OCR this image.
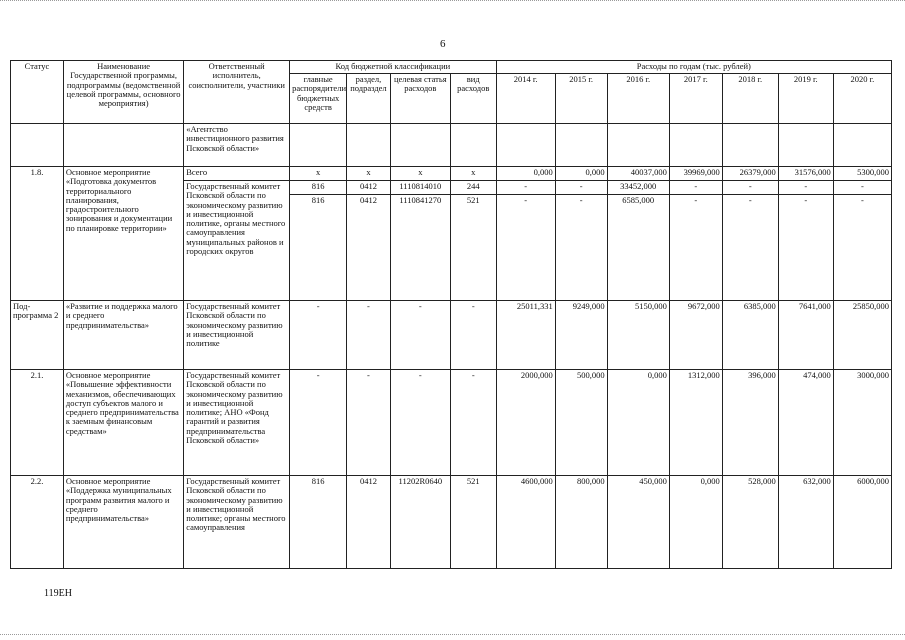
6
Статус	Наименование Государственной программы, подпрограммы (ведомственной целевой программы, основного мероприятия)	Ответственный исполнитель, соисполнители, участники	Код бюджетной классификации				Расходы по годам (тыс. рублей)						
			главные распорядители бюджетных средств	раздел, подраздел	целевая статья расходов	вид расходов	2014 г.	2015 г.	2016 г.	2017 г.	2018 г.	2019 г.	2020 г.
		«Агентство инвестиционного развития Псковской области»											
1.8.	Основное мероприятие «Подготовка документов территориального планирования, градостроительного зонирования и документации по планировке территории»	Всего	x	x	x	x	0,000	0,000	40037,000	39969,000	26379,000	31576,000	5300,000
		Государственный комитет Псковской области по экономическому развитию и инвестиционной политике, органы местного самоуправления муниципальных районов и городских округов	816	0412	1110814010	244	-	-	33452,000	-	-	-	-
			816	0412	1110841270	521	-	-	6585,000	-	-	-	-
Под-программа 2	«Развитие и поддержка малого и среднего предпринимательства»	Государственный комитет Псковской области по экономическому развитию и инвестиционной политике	-	-	-	-	25011,331	9249,000	5150,000	9672,000	6385,000	7641,000	25850,000
2.1.	Основное мероприятие «Повышение эффективности механизмов, обеспечивающих доступ субъектов малого и среднего предпринимательства к заемным финансовым средствам»	Государственный комитет Псковской области по экономическому развитию и инвестиционной политике; АНО «Фонд гарантий и развития предпринимательства Псковской области»	-	-	-	-	2000,000	500,000	0,000	1312,000	396,000	474,000	3000,000
2.2.	Основное мероприятие «Поддержка муниципальных программ развития малого и среднего предпринимательства»	Государственный комитет Псковской области по экономическому развитию и инвестиционной политике; органы местного самоуправления	816	0412	11202R0640	521	4600,000	800,000	450,000	0,000	528,000	632,000	6000,000
119ЕН
